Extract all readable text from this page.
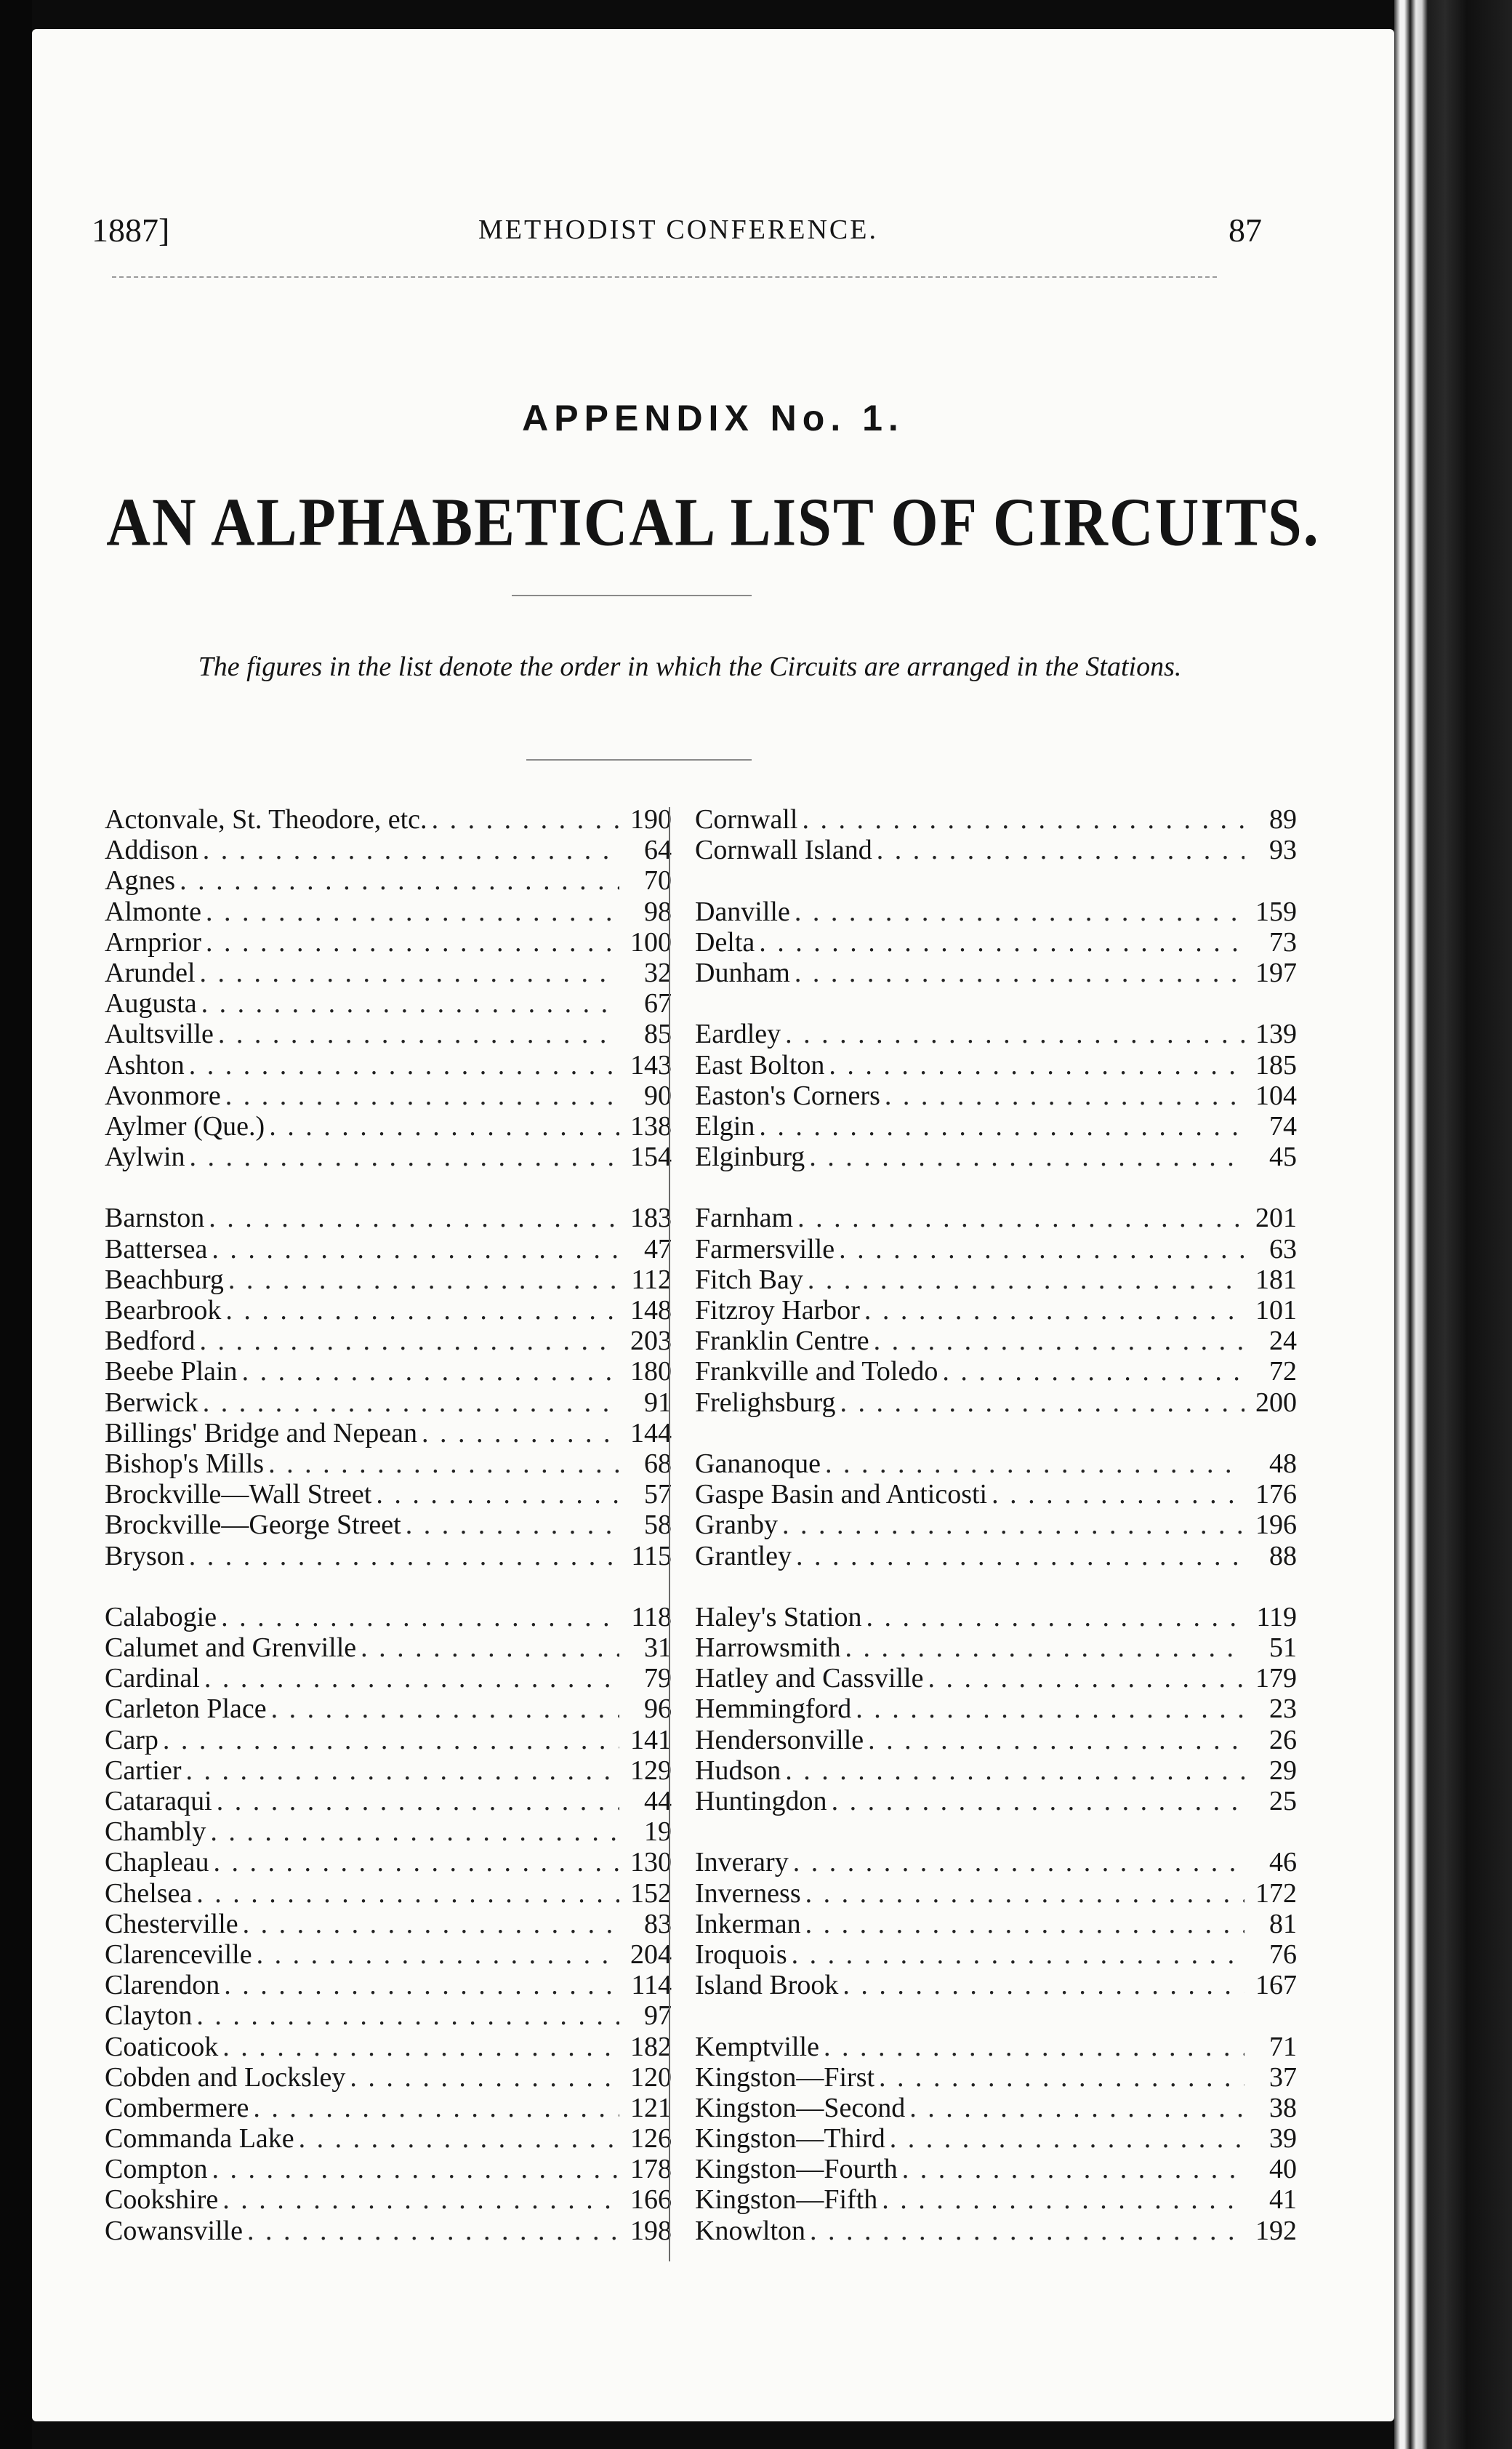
1887]	METHODIST CONFERENCE.	87
APPENDIX No. 1.
AN ALPHABETICAL LIST OF CIRCUITS.
The figures in the list denote the order in which the Circuits are arranged in the Stations.
Actonvale, St. Theodore, etc. . . .	190
Addison . . .	64
Agnes . . .	70
Almonte . . .	98
Arnprior . . .	100
Arundel . . .	32
Augusta . . .	67
Aultsville . . .	85
Ashton . . .	143
Avonmore . . .	90
Aylmer (Que.) . . .	138
Aylwin . . .	154
Barnston . . .	183
Battersea . . .	47
Beachburg . . .	112
Bearbrook . . .	148
Bedford . . .	203
Beebe Plain . . .	180
Berwick . . .	91
Billings' Bridge and Nepean . . .	144
Bishop's Mills . . .	68
Brockville—Wall Street . . .	57
Brockville—George Street . . .	58
Bryson . . .	115
Calabogie . . .	118
Calumet and Grenville . . .	31
Cardinal . . .	79
Carleton Place . . .	96
Carp . . .	141
Cartier . . .	129
Cataraqui . . .	44
Chambly . . .	19
Chapleau . . .	130
Chelsea . . .	152
Chesterville . . .	83
Clarenceville . . .	204
Clarendon . . .	114
Clayton . . .	97
Coaticook . . .	182
Cobden and Locksley . . .	120
Combermere . . .	121
Commanda Lake . . .	126
Compton . . .	178
Cookshire . . .	166
Cowansville . . .	198
Cornwall . . .	89
Cornwall Island . . .	93
Danville . . .	159
Delta . . .	73
Dunham . . .	197
Eardley . . .	139
East Bolton . . .	185
Easton's Corners . . .	104
Elgin . . .	74
Elginburg . . .	45
Farnham . . .	201
Farmersville . . .	63
Fitch Bay . . .	181
Fitzroy Harbor . . .	101
Franklin Centre . . .	24
Frankville and Toledo . . .	72
Frelighsburg . . .	200
Gananoque . . .	48
Gaspe Basin and Anticosti . . .	176
Granby . . .	196
Grantley . . .	88
Haley's Station . . .	119
Harrowsmith . . .	51
Hatley and Cassville . . .	179
Hemmingford . . .	23
Hendersonville . . .	26
Hudson . . .	29
Huntingdon . . .	25
Inverary . . .	46
Inverness . . .	172
Inkerman . . .	81
Iroquois . . .	76
Island Brook . . .	167
Kemptville . . .	71
Kingston—First . . .	37
Kingston—Second . . .	38
Kingston—Third . . .	39
Kingston—Fourth . . .	40
Kingston—Fifth . . .	41
Knowlton . . .	192
